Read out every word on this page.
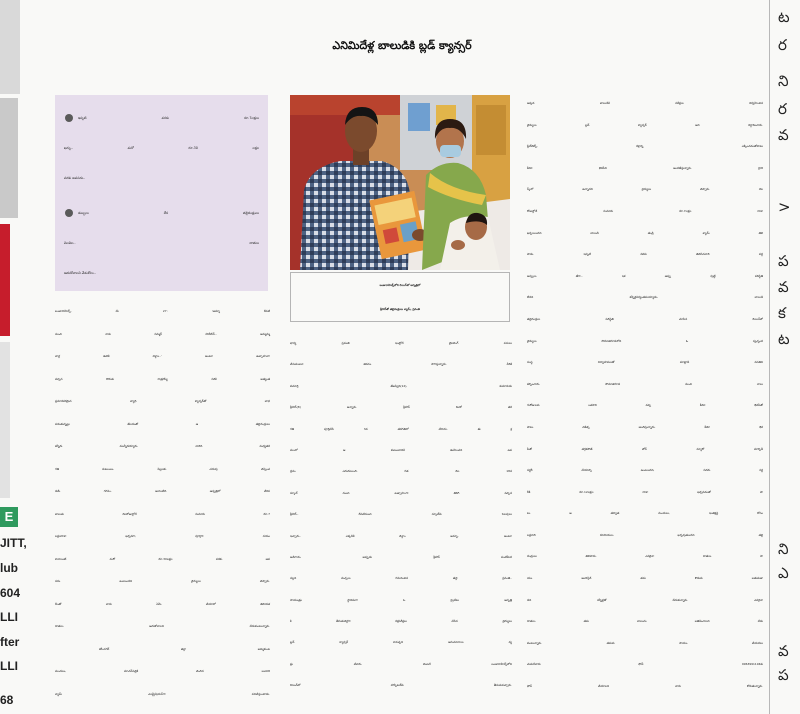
ఎనిమిదేళ్ల బాలుడికి బ్లడ్ క్యాన్సర్
ఇప్పటి వరకు రూ.7లక్షలు
ఖర్చు.. మరో రూ.30 లక్షల
వరకు అవసరం..
డబ్బులు లేక తల్లిదండ్రులు
విలవిల.. దాతలు
ఆదుకోవాలని వేడుకోలు..
బంజారాహిల్స్‌లోని రెయిన్‌బో ఆస్పత్రిలో
శ్రీహాన్‌తో తల్లిదండ్రులు శ్యామ్, స్రవంతి
బంజారాహిల్స్, మే 27: ‘అమ్మా రేపటి
నుంచి నాకు సమ్మర్ హాలీడేస్.. అమ్మమ్మ
వాళ్ల ఊరికి వెళ్దాం..’ అంటూ ఉత్సాహంగా
వచ్చిన కొడుకు రాత్రయ్యే సరికి అత్యంత
ప్రమాదకరమైన వ్యాధి క్యాన్సర్‌తో బాధ
పడుతున్నట్లు తేలడంతో ఆ తల్లిదండ్రులు
కన్నీరు మున్నీరయ్యారు. వారిది మధ్యతర
గతి కుటుంబం. పిల్లలకు చదువు చెప్పించ
డమే గగనం. అలాంటిది ఆస్పత్రిలో చేరిన
బాబుకు నెలరోజుల్లోనే సుమారు రూ.7
లక్షలదాకా ఖర్చవగా, పూర్తిగా నయం
కావాలంటే మరో రూ.30లక్షల వరకు అవ
సరం ఉంటుందని వైద్యులు చెప్పారు.
దీంతో వారు ఏమీ చేయాలో తెలియక
దాతలు ఆదుకోవాలని వేడుకుంటున్నారు.
కరీంనగర్ జిల్లా జమ్మికుంట
మండలం, మాచన్‌పల్లికి చెందిన బండారి
శ్యామ్ ఎలక్ట్రీషియన్‌గా పనిచేస్తుంటాడు.
భార్య స్రవంతి ఇంట్లోనే టైలరింగ్ పనులు
చేసుకుంటూ జీవనం సాగిస్తున్నారు. వీరికి
కుమార్తె తేజస్విని(12), కుమారుడు
శ్రీహాన్(8) ఉన్నారు. శ్రీహాన్ రెండో తర
గతి పూర్తిచేసి 3వ తరగతిలో చేరాడు. ఈ క్ర
మంలో ఆ కుటుంబానికి ఊహించని ఉప
ద్రవం ఎదురయింది. గత నెల 18న
స్కూల్ నుంచి ఉత్సాహంగా తిరిగి వచ్చిన
శ్రీహాన్.. రేపటినుంచి స్కూల్‌కు సెలవులు
ఇచ్చారు.. ఎక్కడికి వెళ్దాం అమ్మా.. అంటూ
అడిగాడు. అప్పుడు శ్రీహాన్ పంటిమీద
నల్లని మచ్చలు గమనించిన తల్లి స్రవంతి..
సాయంత్రం స్థానికంగా ఓ ప్రైవేటు ఆస్పత్రి
కి తీసుకువెళ్లగా రక్తపరీక్షలు చేసిన వైద్యులు
బ్లడ్ క్యాన్సర్ కావచ్చని అనుమానాలు వ్య
క్తం చేశారు. వెంటనే బంజారాహిల్స్‌లోని
రెయిన్‌బో హాస్పిటల్‌కు తీసుకువచ్చారు.
అక్కడ బాలుడికి పరీక్షలు నిర్వహించిన
వైద్యులు బ్లడ్ క్యాన్సర్ అని నిర్ధారించారు.
ప్లేట్‌లెట్స్, రక్తాన్ని ఎక్కించడంతోపాటు
కీమో థెరపీని అందజేస్తున్నారు. హైరి
స్క్‌లో ఉన్నాడని వైద్యులు చెప్పారు. నెల
రోజుల్లోనే సుమారు రూ.7లక్షల దాకా
ఖర్చయిందని బాలుడి తండ్రి శ్యామ్ తెలి
పాడు. ఇప్పటి వరకు తెలిసినవారి వద్ద
అప్పులు తేగా.. ఇక అప్పు పుట్టే పరిస్థితి
లేదని కన్నీళ్లపర్యంతమయ్యాడు. బాలుడి
తల్లిదండ్రుల పరిస్థితి చూసిన రెయిన్‌బో
వైద్యులు సోమాజిగూడలోని ఓ స్వచ్ఛంద
సంస్థ నిర్వాహకులతో మాట్లాడి వసతిని
కల్పించారు. సోమాజిగూడ నుంచి నాలు
గురోజులకు ఒకసారి వచ్చి కీమో థెరపీతో
పాటు చికిత్స అందిస్తున్నారు. కీమో థెర
పీతో తగ్గకపోతే బోన్ మ్యారో మార్పిడీ
సర్జరీ చేయాల్సి ఉంటుందని, సదరు సర్జ
రీకి రూ.12లక్షల దాకా ఖర్చవడంతో పా
టు ఆ తర్వాత మందులు, ఇంజెక్షన్ల కోసం
లక్షలాది రూపాయలు ఖర్చవుతుందని తల్లి
దండ్రులు తెలిపారు. ఎవరైనా దాతలు సా
యం అందిస్తేనే తమ కొడుకు బతుకుతా
డని కన్నీళ్లతో వేడుకున్నారు. ఎవరైనా
దాతలు తమ బాబును బతికించాలని వేడు
కుంటున్నారు. తమకు సాయం చేయదలు
చుకునేవారు ఫోన్: 9963991194కు
ఫోన్ చేయాలని వారు కోరుతున్నారు.
E
JITT,
lub
604
LLI
fter
LLI
68
ట
ర
ని
ర
వ
>
ప
వ
క
ట
ని
ఎ
వ
ప
